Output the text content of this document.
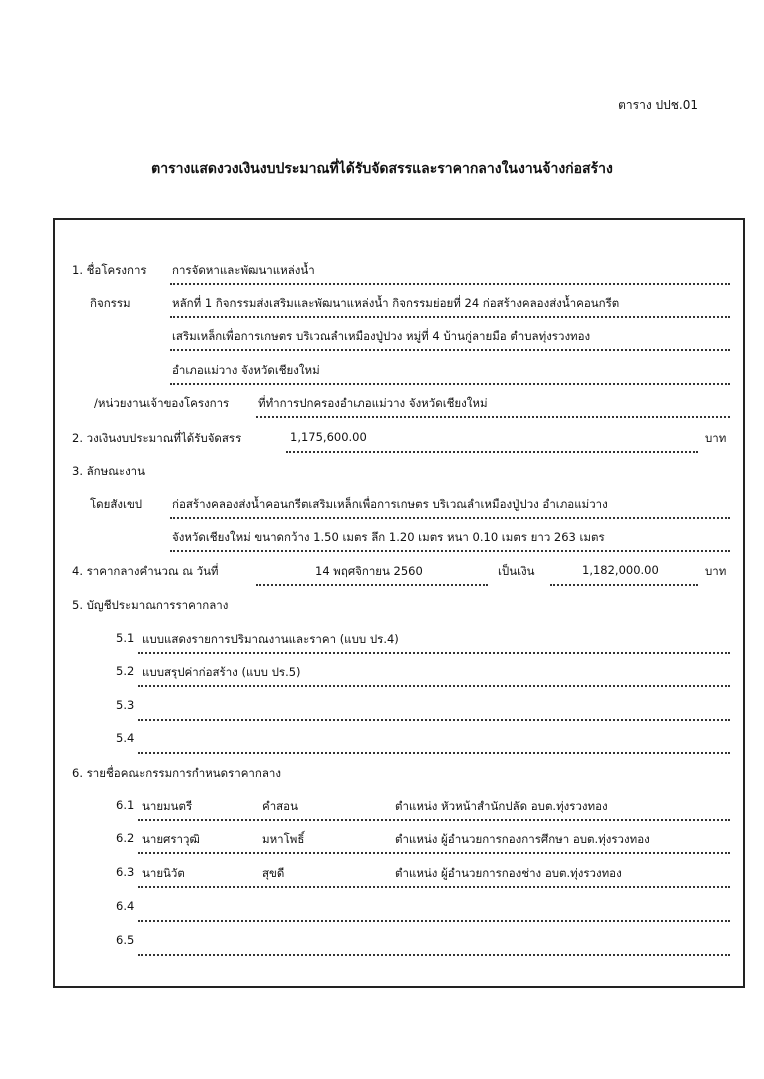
ตาราง ปปช.01
ตารางแสดงวงเงินงบประมาณที่ได้รับจัดสรรและราคากลางในงานจ้างก่อสร้าง
1. ชื่อโครงการ การจัดหาและพัฒนาแหล่งน้ำ
กิจกรรม	หลักที่ 1 กิจกรรมส่งเสริมและพัฒนาแหล่งน้ำ กิจกรรมย่อยที่ 24 ก่อสร้างคลองส่งน้ำคอนกรีต
เสริมเหล็กเพื่อการเกษตร บริเวณลำเหมืองปู่ปวง หมู่ที่ 4 บ้านกู่ลายมือ ตำบลทุ่งรวงทอง
อำเภอแม่วาง จังหวัดเชียงใหม่
/หน่วยงานเจ้าของโครงการ	ที่ทำการปกครองอำเภอแม่วาง จังหวัดเชียงใหม่
2. วงเงินงบประมาณที่ได้รับจัดสรร	1,175,600.00	บาท
3. ลักษณะงาน
โดยสังเขป	ก่อสร้างคลองส่งน้ำคอนกรีตเสริมเหล็กเพื่อการเกษตร บริเวณลำเหมืองปู่ปวง อำเภอแม่วาง
จังหวัดเชียงใหม่ ขนาดกว้าง 1.50 เมตร ลึก 1.20 เมตร หนา 0.10 เมตร ยาว 263 เมตร
4. ราคากลางคำนวณ ณ วันที่	14 พฤศจิกายน 2560	เป็นเงิน	1,182,000.00	บาท
5. บัญชีประมาณการราคากลาง
5.1 แบบแสดงรายการปริมาณงานและราคา (แบบ ปร.4)
5.2 แบบสรุปค่าก่อสร้าง (แบบ ปร.5)
5.3
5.4
6. รายชื่อคณะกรรมการกำหนดราคากลาง
6.1 นายมนตรี	คำสอน	ตำแหน่ง หัวหน้าสำนักปลัด อบต.ทุ่งรวงทอง
6.2 นายศราวุฒิ	มหาโพธิ์	ตำแหน่ง ผู้อำนวยการกองการศึกษา อบต.ทุ่งรวงทอง
6.3 นายนิวัต	สุขดี	ตำแหน่ง ผู้อำนวยการกองช่าง อบต.ทุ่งรวงทอง
6.4
6.5
